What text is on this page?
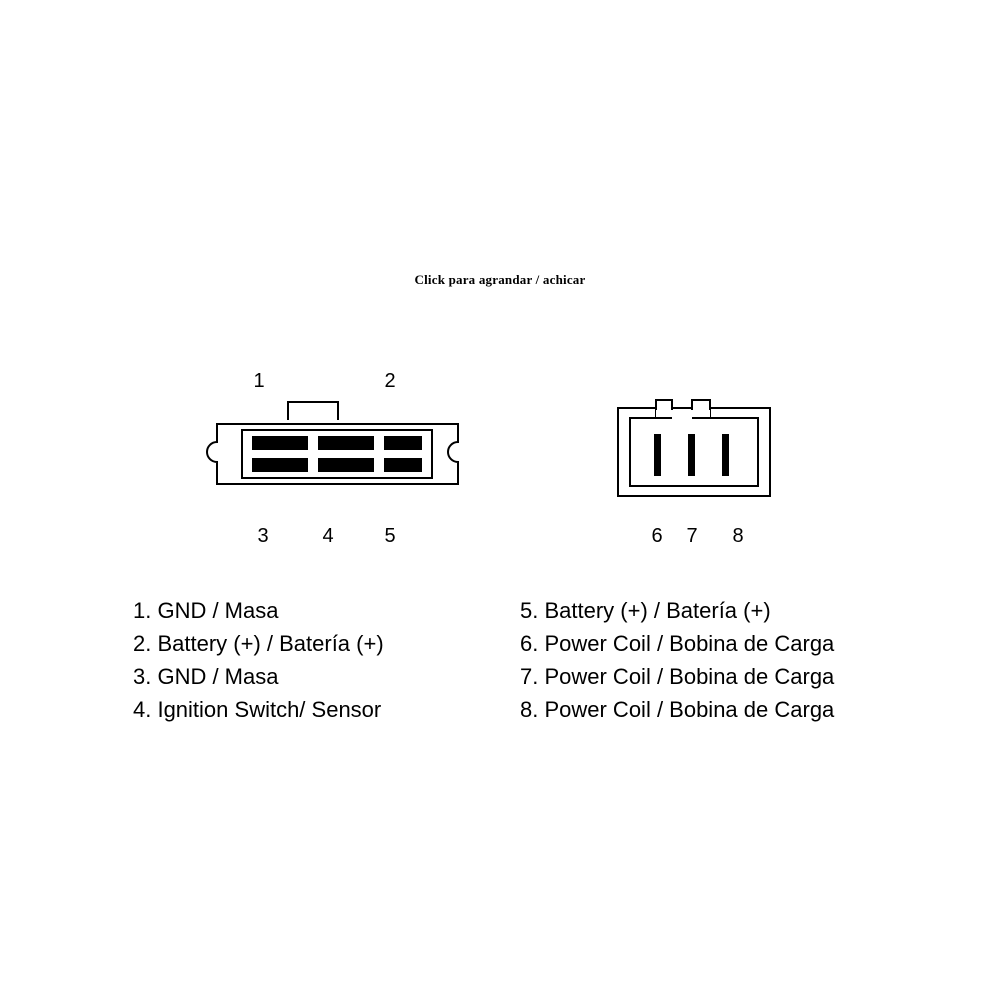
Click para agrandar / achicar
1	2
3	4	5	6	7	8
1. GND / Masa
2. Battery (+) / Batería (+)
3. GND / Masa
4. Ignition Switch/ Sensor
5. Battery (+) / Batería (+)
6. Power Coil / Bobina de Carga
7. Power Coil / Bobina de Carga
8. Power Coil / Bobina de Carga
